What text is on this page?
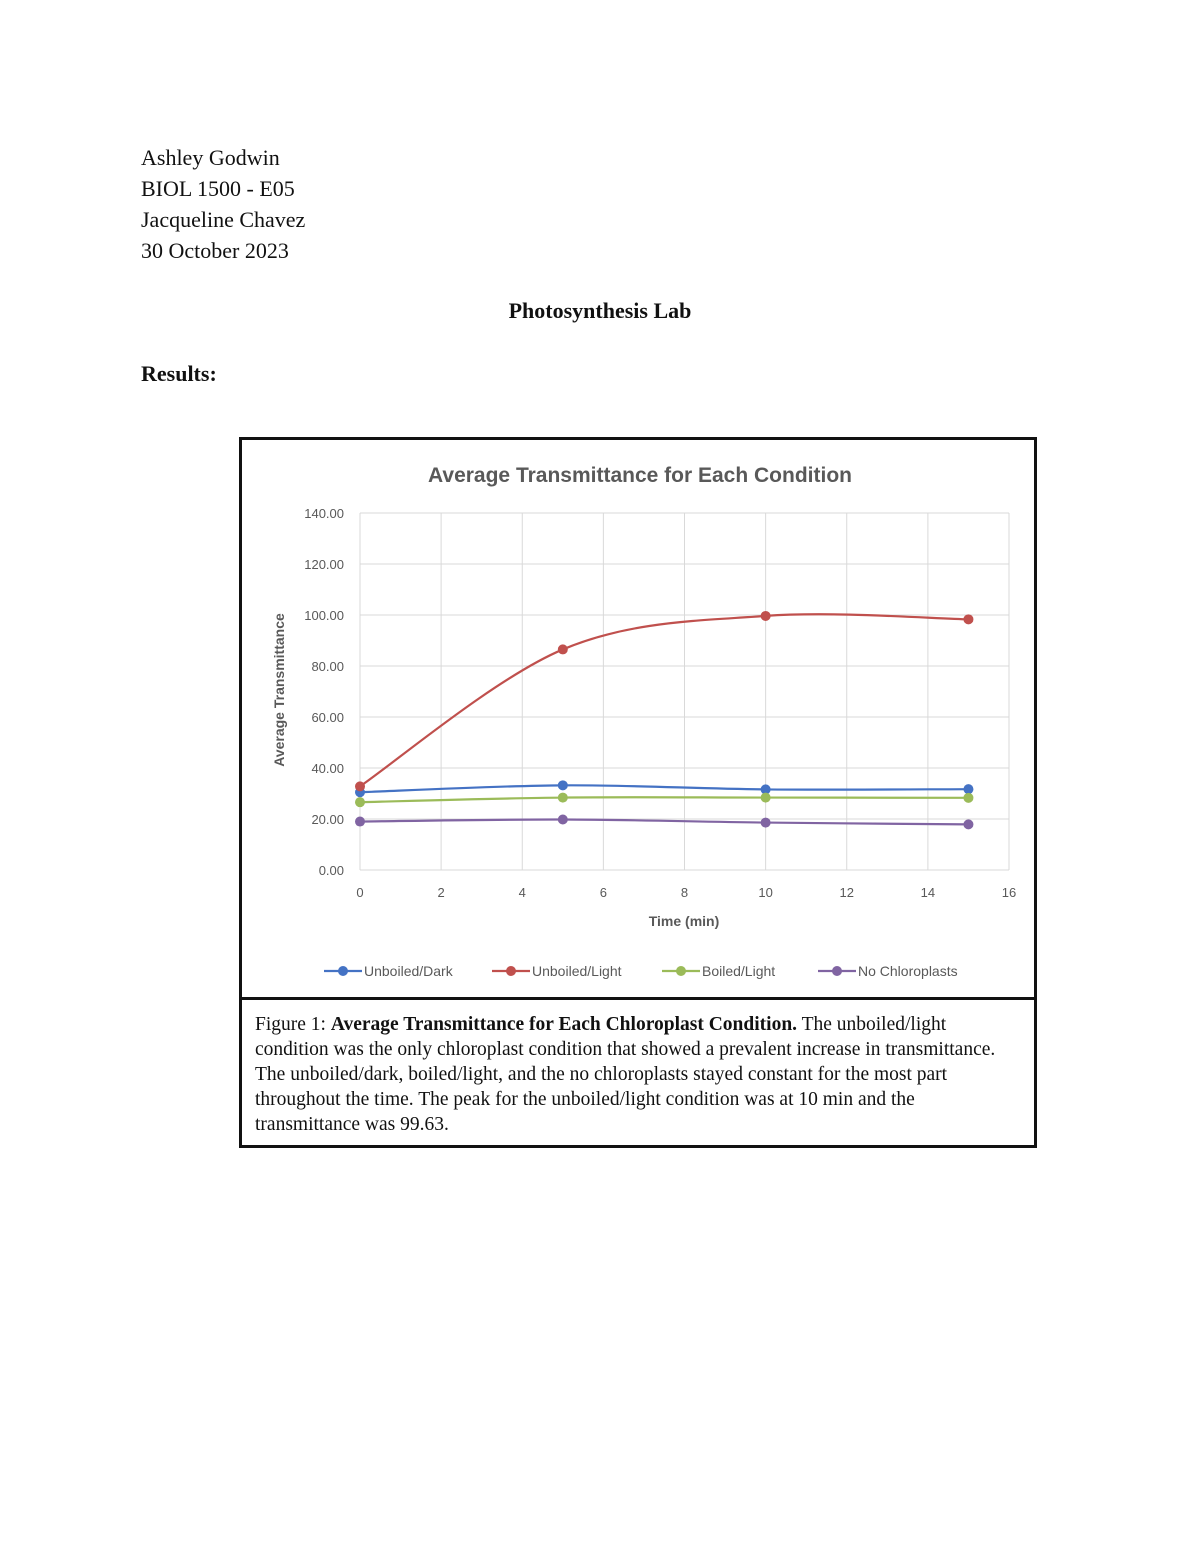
Ashley Godwin
BIOL 1500 - E05
Jacqueline Chavez
30 October 2023
Photosynthesis Lab
Results:
Average Transmittance for Each Condition
0.00
20.00
40.00
60.00
80.00
100.00
120.00
140.00
0	2	4	6	8	10	12	14	16
Time (min)
Average Transmittance
Unboiled/Dark	Unboiled/Light	Boiled/Light	No Chloroplasts
Figure 1: Average Transmittance for Each Chloroplast Condition. The unboiled/light condition was the only chloroplast condition that showed a prevalent increase in transmittance. The unboiled/dark, boiled/light, and the no chloroplasts stayed constant for the most part throughout the time. The peak for the unboiled/light condition was at 10 min and the transmittance was 99.63.
